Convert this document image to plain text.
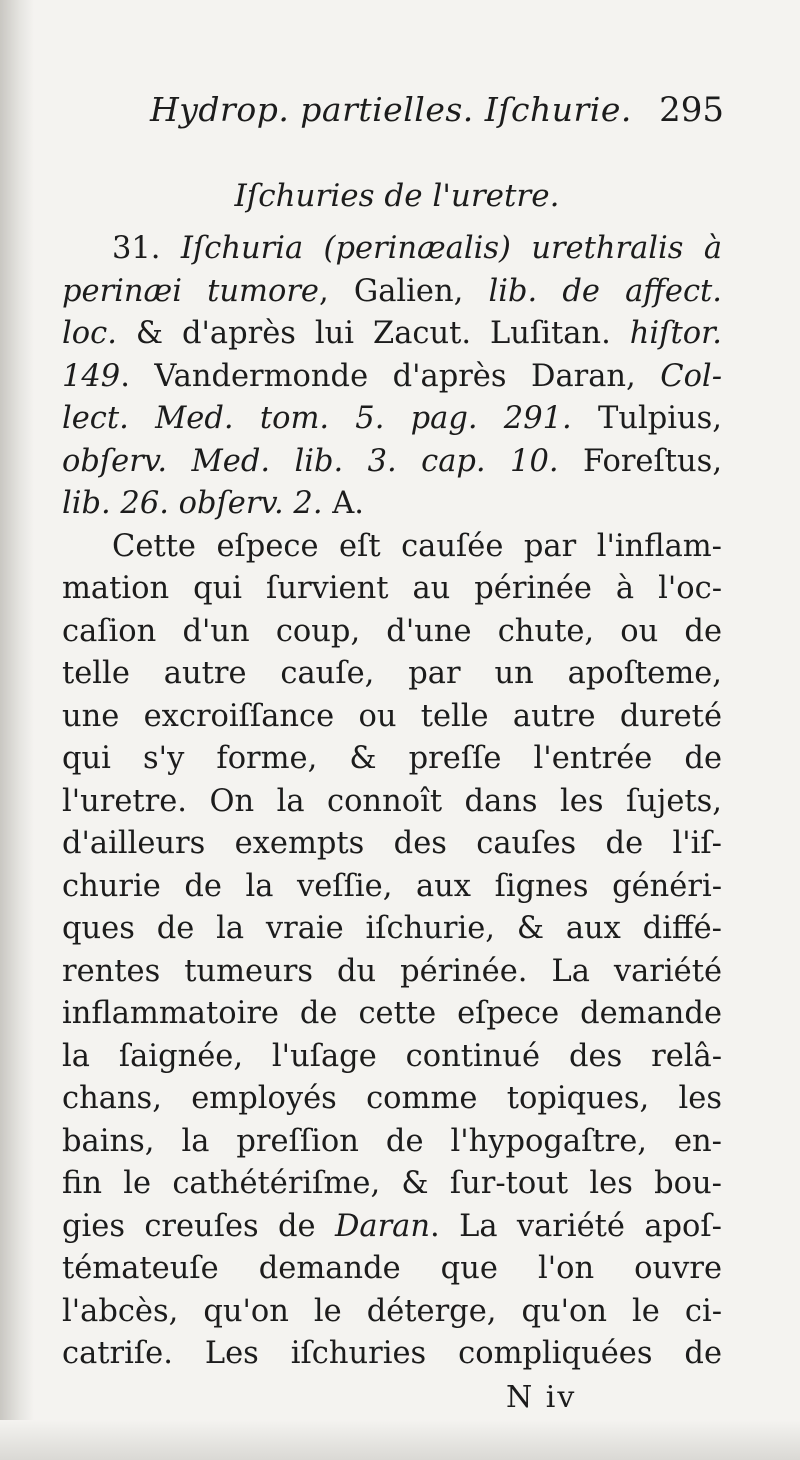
Hydrop. partielles. Iſchurie. 295
Iſchuries de l'uretre.
31. Iſchuria (perinæalis) urethralis à
perinæi tumore, Galien, lib. de affect.
loc. & d'après lui Zacut. Luſitan. hiſtor.
149. Vandermonde d'après Daran, Col-
lect. Med. tom. 5. pag. 291. Tulpius,
obſerv. Med. lib. 3. cap. 10. Foreſtus,
lib. 26. obſerv. 2. A.
Cette eſpece eſt cauſée par l'inflam-
mation qui ſurvient au périnée à l'oc-
caſion d'un coup, d'une chute, ou de
telle autre cauſe, par un apoſteme,
une excroiſſance ou telle autre dureté
qui s'y forme, & preſſe l'entrée de
l'uretre. On la connoît dans les ſujets,
d'ailleurs exempts des cauſes de l'iſ-
churie de la veſſie, aux ſignes généri-
ques de la vraie iſchurie, & aux diffé-
rentes tumeurs du périnée. La variété
inflammatoire de cette eſpece demande
la ſaignée, l'uſage continué des relâ-
chans, employés comme topiques, les
bains, la preſſion de l'hypogaſtre, en-
fin le cathétériſme, & ſur-tout les bou-
gies creuſes de Daran. La variété apoſ-
témateuſe demande que l'on ouvre
l'abcès, qu'on le déterge, qu'on le ci-
catriſe. Les iſchuries compliquées de
N iv
